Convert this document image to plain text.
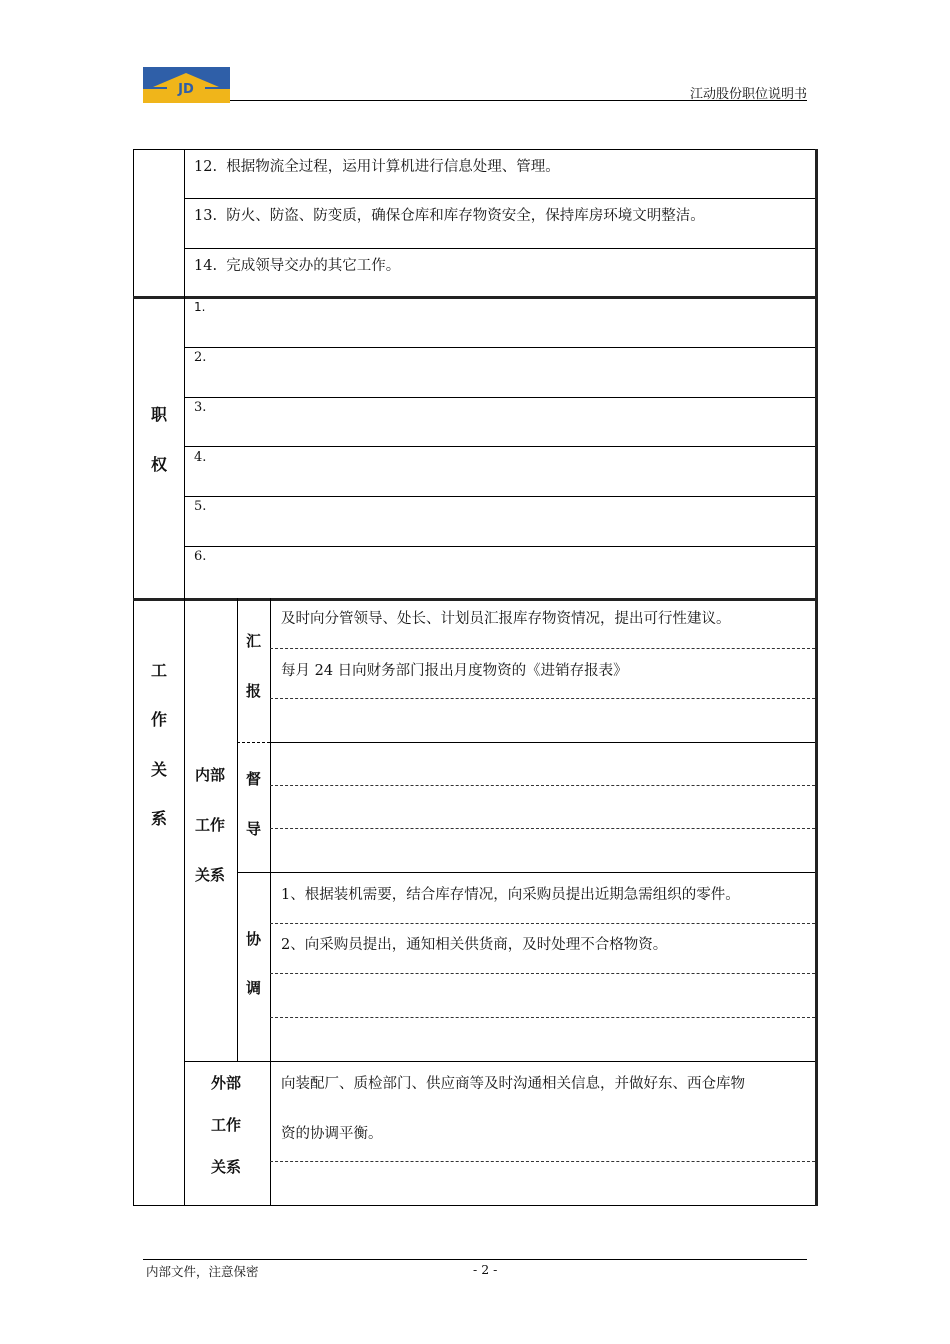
JD	江动股份职位说明书
12. 根据物流全过程，运用计算机进行信息处理、管理。
13. 防火、防盗、防变质，确保仓库和库存物资安全，保持库房环境文明整洁。
14. 完成领导交办的其它工作。
职
权
1.
2.
3.
4.
5.
6.
工
作
关
系
内部
工作
关系
汇
报
及时向分管领导、处长、计划员汇报库存物资情况，提出可行性建议。
每月 24 日向财务部门报出月度物资的《进销存报表》
督
导
协
调
1、根据装机需要，结合库存情况，向采购员提出近期急需组织的零件。
2、向采购员提出，通知相关供货商，及时处理不合格物资。
外部
工作
关系
向装配厂、质检部门、供应商等及时沟通相关信息，并做好东、西仓库物
资的协调平衡。
内部文件，注意保密	- 2 -
